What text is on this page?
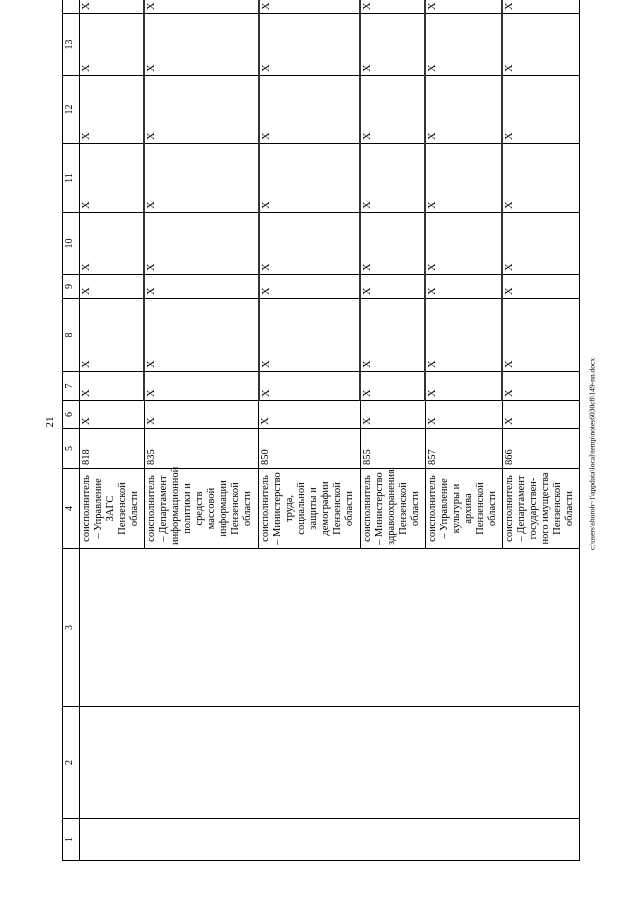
21
1	2	3	4	5	6	7	8	9	10	11	12	13	
			соисполнитель – Управление ЗАГС Пензенской области	818	X	X	X	X	X	X	X	X	X
			соисполнитель – Департамент информационной политики и средств массовой информации Пензенской области	835	X	X	X	X	X	X	X	X	X
			соисполнитель – Министерство труда, социальной защиты и демографии Пензенской области	850	X	X	X	X	X	X	X	X	X
			соисполнитель – Министерство здравоохранения Пензенской области	855	X	X	X	X	X	X	X	X	X
			соисполнитель – Управление культуры и архива Пензенской области	857	X	X	X	X	X	X	X	X	X
			соисполнитель – Департамент государствен-ного имущества Пензенской области	866	X	X	X	X	X	X	X	X	X
c:\users\shoroh~1\appdata\local\temp\notes6030c8\149-nn.docx
